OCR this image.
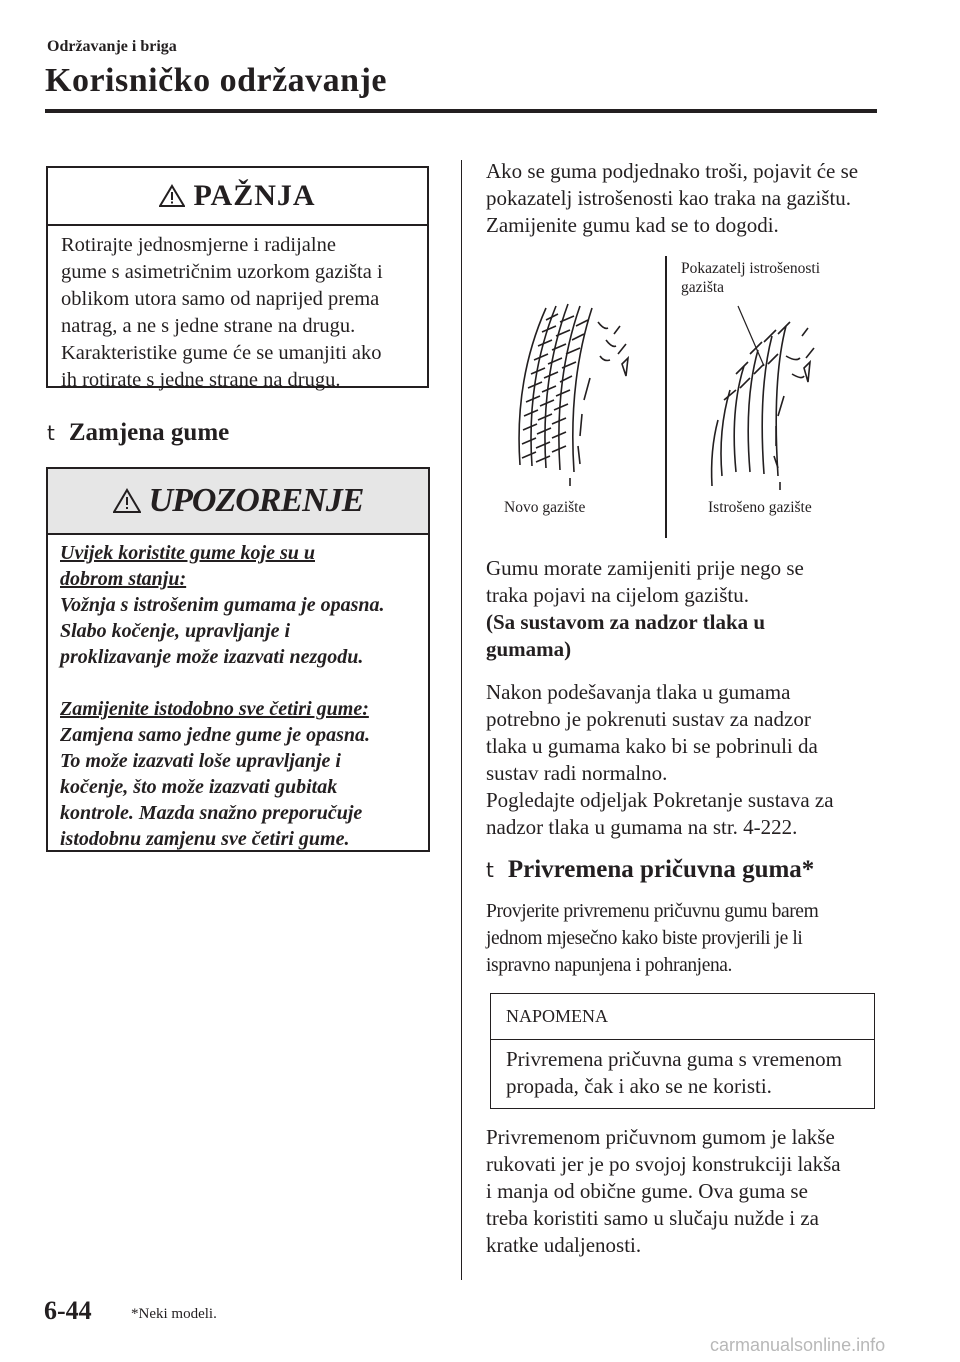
Održavanje i briga
Korisničko održavanje
PAŽNJA
Rotirajte jednosmjerne i radijalne
gume s asimetričnim uzorkom gazišta i
oblikom utora samo od naprijed prema
natrag, a ne s jedne strane na drugu.
Karakteristike gume će se umanjiti ako
ih rotirate s jedne strane na drugu.
t Zamjena gume
UPOZORENJE

Uvijek koristite gume koje su u

dobrom stanju:

Vožnja s istrošenim gumama je opasna.

Slabo kočenje, upravljanje i

proklizavanje može izazvati nezgodu.

Zamijenite istodobno sve četiri gume:

Zamjena samo jedne gume je opasna.

To može izazvati loše upravljanje i

kočenje, što može izazvati gubitak

kontrole. Mazda snažno preporučuje

istodobnu zamjenu sve četiri gume.

Ako se guma podjednako troši, pojavit će se
pokazatelj istrošenosti kao traka na gazištu.
Zamijenite gumu kad se to dogodi.
Pokazatelj istrošenosti
gazišta
Novo gazište	Istrošeno gazište
Gumu morate zamijeniti prije nego se
traka pojavi na cijelom gazištu.
(Sa sustavom za nadzor tlaka u
gumama)
Nakon podešavanja tlaka u gumama
potrebno je pokrenuti sustav za nadzor
tlaka u gumama kako bi se pobrinuli da
sustav radi normalno.
Pogledajte odjeljak Pokretanje sustava za
nadzor tlaka u gumama na str. 4-222.
t Privremena pričuvna guma*
Provjerite privremenu pričuvnu gumu barem
jednom mjesečno kako biste provjerili je li
ispravno napunjena i pohranjena.
NAPOMENA
Privremena pričuvna guma s vremenom
propada, čak i ako se ne koristi.
Privremenom pričuvnom gumom je lakše
rukovati jer je po svojoj konstrukciji lakša
i manja od obične gume. Ova guma se
treba koristiti samo u slučaju nužde i za
kratke udaljenosti.
6-44	*Neki modeli.
carmanualsonline.info
